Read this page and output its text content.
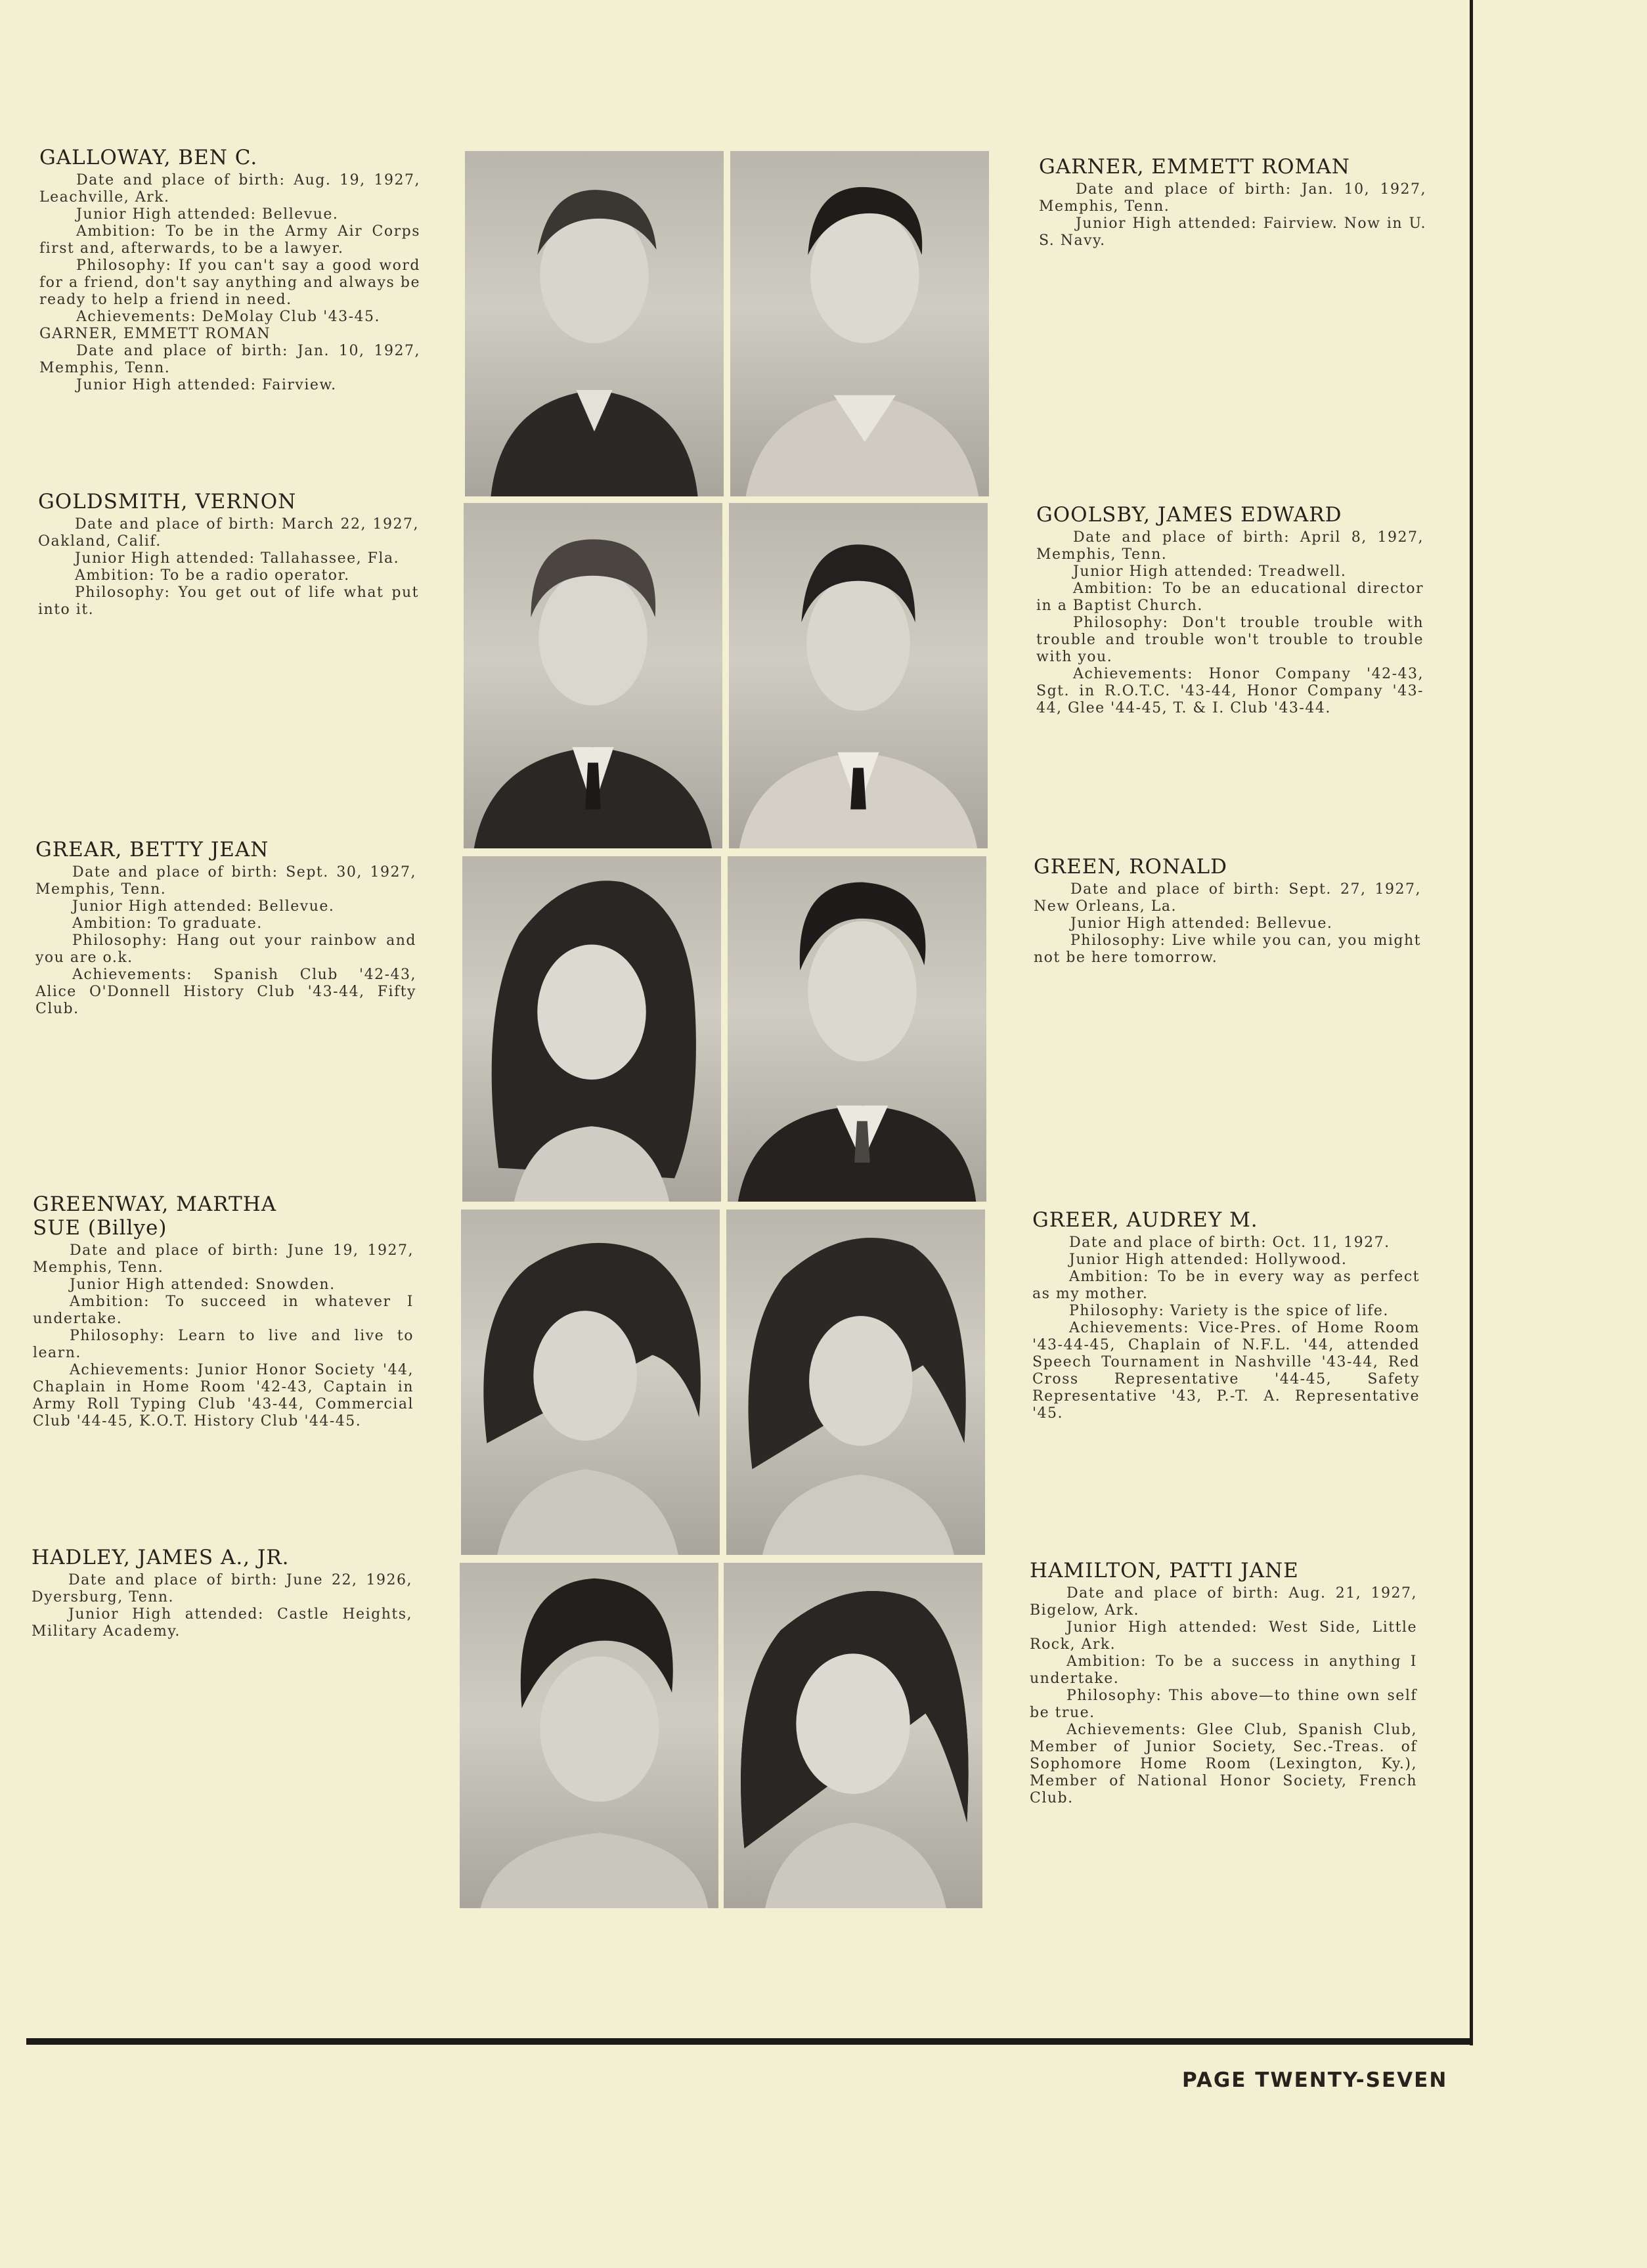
GALLOWAY, BEN C.

Date and place of birth: Aug. 19, 1927, Leachville, Ark.

Junior High attended: Bellevue.

Ambition: To be in the Army Air Corps first and, afterwards, to be a lawyer.

Philosophy: If you can't say a good word for a friend, don't say anything and always be ready to help a friend in need.

Achievements: DeMolay Club '43-45.

GARNER, EMMETT ROMAN

Date and place of birth: Jan. 10, 1927, Memphis, Tenn.

Junior High attended: Fairview.

GOLDSMITH, VERNON

Date and place of birth: March 22, 1927, Oakland, Calif.

Junior High attended: Tallahassee, Fla.

Ambition: To be a radio operator.

Philosophy: You get out of life what put into it.

GREAR, BETTY JEAN

Date and place of birth: Sept. 30, 1927, Memphis, Tenn.

Junior High attended: Bellevue.

Ambition: To graduate.

Philosophy: Hang out your rainbow and you are o.k.

Achievements: Spanish Club '42-43, Alice O'Donnell History Club '43-44, Fifty Club.

GREENWAY, MARTHA
SUE (Billye)

Date and place of birth: June 19, 1927, Memphis, Tenn.

Junior High attended: Snowden.

Ambition: To succeed in whatever I undertake.

Philosophy: Learn to live and live to learn.

Achievements: Junior Honor Society '44, Chaplain in Home Room '42-43, Captain in Army Roll Typing Club '43-44, Commercial Club '44-45, K.O.T. History Club '44-45.

HADLEY, JAMES A., JR.

Date and place of birth: June 22, 1926, Dyersburg, Tenn.

Junior High attended: Castle Heights, Military Academy.

GARNER, EMMETT ROMAN

Date and place of birth: Jan. 10, 1927, Memphis, Tenn.

Junior High attended: Fairview. Now in U. S. Navy.

GOOLSBY, JAMES EDWARD

Date and place of birth: April 8, 1927, Memphis, Tenn.

Junior High attended: Treadwell.

Ambition: To be an educational director in a Baptist Church.

Philosophy: Don't trouble trouble with trouble and trouble won't trouble to trouble with you.

Achievements: Honor Company '42-43, Sgt. in R.O.T.C. '43-44, Honor Company '43-44, Glee '44-45, T. & I. Club '43-44.

GREEN, RONALD

Date and place of birth: Sept. 27, 1927, New Orleans, La.

Junior High attended: Bellevue.

Philosophy: Live while you can, you might not be here tomorrow.

GREER, AUDREY M.

Date and place of birth: Oct. 11, 1927.

Junior High attended: Hollywood.

Ambition: To be in every way as perfect as my mother.

Philosophy: Variety is the spice of life.

Achievements: Vice-Pres. of Home Room '43-44-45, Chaplain of N.F.L. '44, attended Speech Tournament in Nashville '43-44, Red Cross Representative '44-45, Safety Representative '43, P.-T. A. Representative '45.

HAMILTON, PATTI JANE

Date and place of birth: Aug. 21, 1927, Bigelow, Ark.

Junior High attended: West Side, Little Rock, Ark.

Ambition: To be a success in anything I undertake.

Philosophy: This above—to thine own self be true.

Achievements: Glee Club, Spanish Club, Member of Junior Society, Sec.-Treas. of Sophomore Home Room (Lexington, Ky.), Member of National Honor Society, French Club.

PAGE TWENTY-SEVEN
